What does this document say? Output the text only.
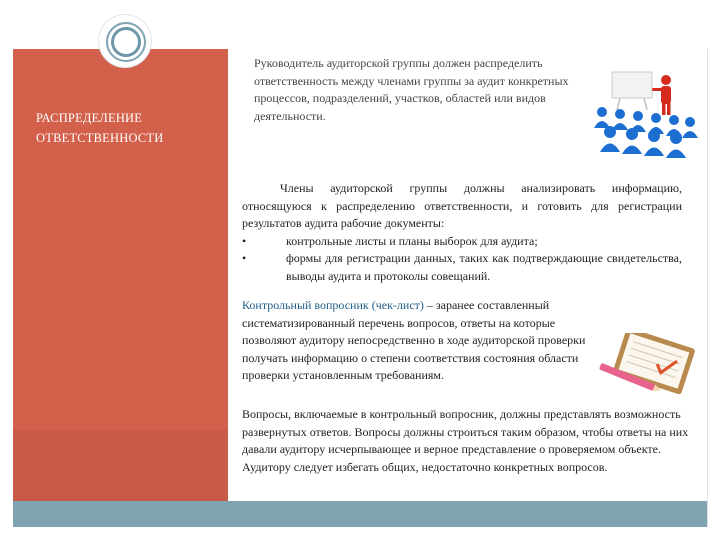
РАСПРЕДЕЛЕНИЕ
ОТВЕТСТВЕННОСТИ
Руководитель аудиторской группы должен распределить ответственность между членами группы за аудит конкретных процессов, подразделений, участков, областей или видов деятельности.
Члены аудиторской группы должны анализировать информацию, относящуюся к распределению ответственности, и готовить для регистрации результатов аудита рабочие документы:
•	контрольные листы и планы выборок для аудита;
•	формы для регистрации данных, таких как подтверждающие свидетельства, выводы аудита и протоколы совещаний.
Контрольный вопросник (чек-лист) – заранее составленный систематизированный перечень вопросов, ответы на которые позволяют аудитору непосредственно в ходе аудиторской проверки получать информацию о степени соответствия состояния области проверки установленным требованиям.
Вопросы, включаемые в контрольный вопросник, должны представлять возможность развернутых ответов. Вопросы должны строиться таким образом, чтобы ответы на них давали аудитору исчерпывающее и верное представление о проверяемом объекте. Аудитору следует избегать общих, недостаточно конкретных вопросов.
